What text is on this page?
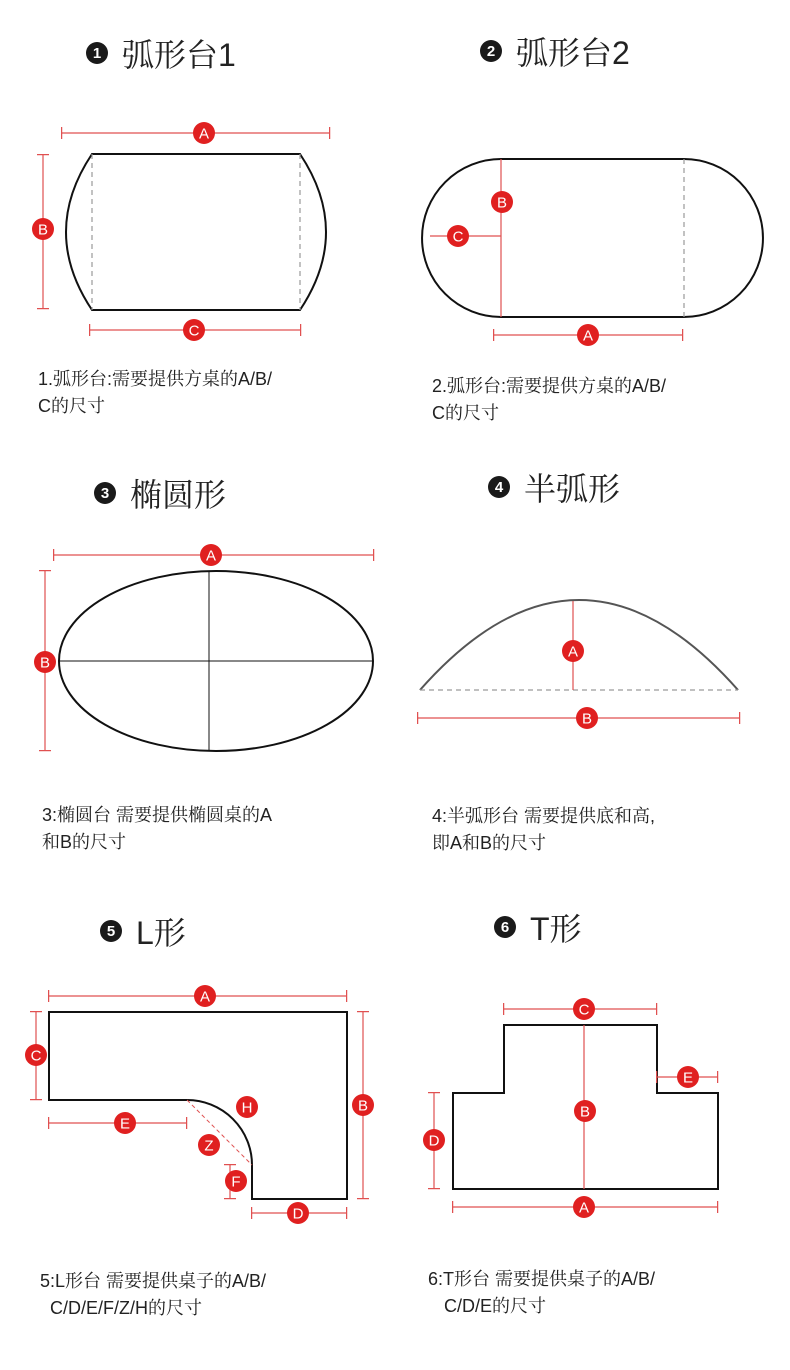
1 弧形台1	2 弧形台2
3 椭圆形	4 半弧形
5 L形	6 T形
1.弧形台:需要提供方桌的A/B/
C的尺寸
2.弧形台:需要提供方桌的A/B/
C的尺寸
3:椭圆台 需要提供椭圆桌的A
和B的尺寸
4:半弧形台 需要提供底和高,
即A和B的尺寸
5:L形台 需要提供桌子的A/B/
C/D/E/F/Z/H的尺寸
6:T形台 需要提供桌子的A/B/
C/D/E的尺寸
A
B
C
B
C
A
A
B
A
B
A
B
C
E
H
Z
F
D
C
B
E
D
A
